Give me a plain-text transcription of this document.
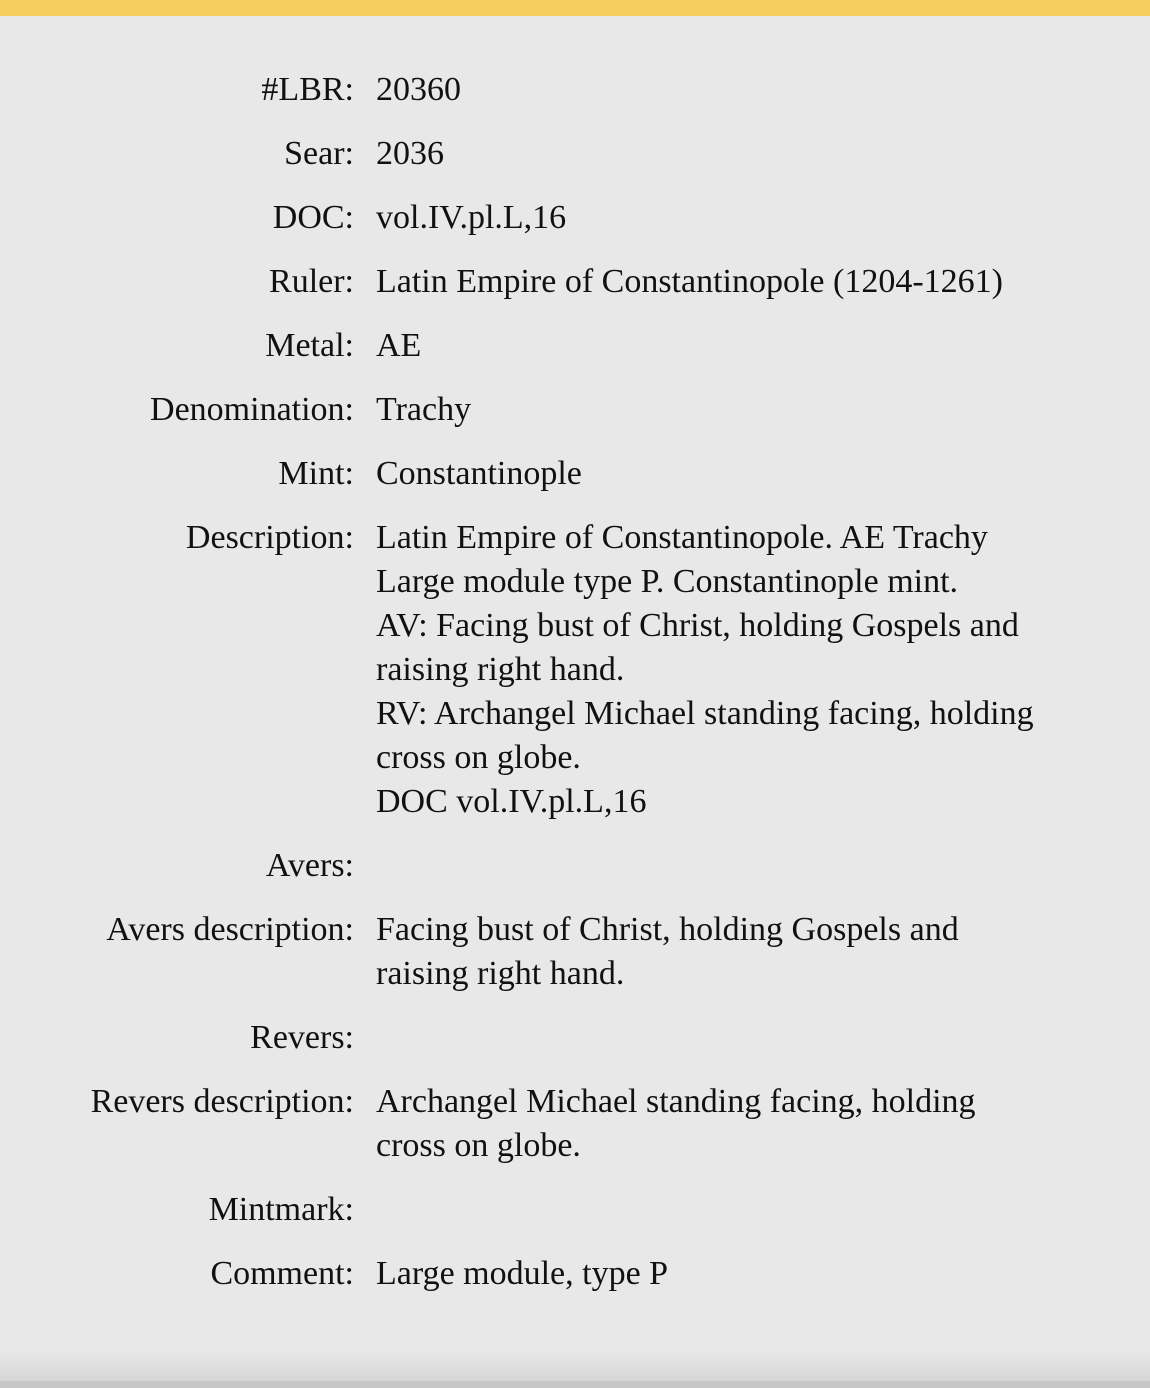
#LBR:	20360

Sear:	2036

DOC:	vol.IV.pl.L,16

Ruler:	Latin Empire of Constantinopole (1204-1261)

Metal:	AE

Denomination:	Trachy

Mint:	Constantinople

Description:	Latin Empire of Constantinopole. AE Trachy Large module type P. Constantinople mint.
AV: Facing bust of Christ, holding Gospels and raising right hand.
RV: Archangel Michael standing facing, holding cross on globe.
DOC vol.IV.pl.L,16

Avers:	
Avers description:	Facing bust of Christ, holding Gospels and raising right hand.

Revers:	
Revers description:	Archangel Michael standing facing, holding cross on globe.

Mintmark:	
Comment:	Large module, type P
